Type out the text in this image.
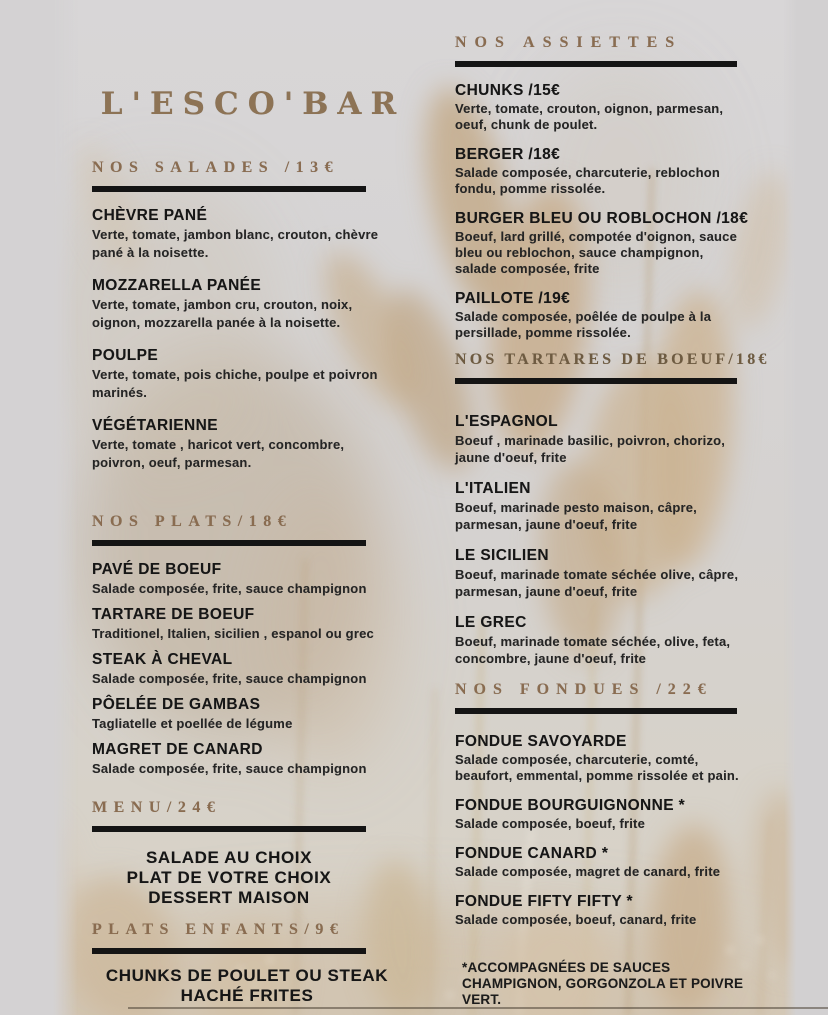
L'ESCO'BAR
NOS SALADES /13€
CHÈVRE PANÉ
Verte, tomate, jambon blanc, crouton, chèvre pané à la noisette.
MOZZARELLA PANÉE
Verte, tomate, jambon cru, crouton, noix, oignon, mozzarella panée à la noisette.
POULPE
Verte, tomate, pois chiche, poulpe et poivron marinés.
VÉGÉTARIENNE
Verte, tomate , haricot vert, concombre, poivron, oeuf, parmesan.
NOS PLATS/18€
PAVÉ DE BOEUF
Salade composée, frite, sauce champignon
TARTARE DE BOEUF
Traditionel, Italien, sicilien , espanol ou grec
STEAK À CHEVAL
Salade composée, frite, sauce champignon
PÔELÉE DE GAMBAS
Tagliatelle et poellée de légume
MAGRET DE CANARD
Salade composée, frite, sauce champignon
MENU/24€
SALADE AU CHOIX
PLAT DE VOTRE CHOIX
DESSERT MAISON
PLATS ENFANTS/9€
CHUNKS DE POULET OU STEAK HACHÉ FRITES
NOS ASSIETTES
CHUNKS /15€
Verte, tomate, crouton, oignon, parmesan, oeuf, chunk de poulet.
BERGER /18€
Salade composée, charcuterie, reblochon fondu, pomme rissolée.
BURGER BLEU OU ROBLOCHON /18€
Boeuf, lard grillé, compotée d'oignon, sauce bleu ou reblochon, sauce champignon, salade composée, frite
PAILLOTE /19€
Salade composée, poêlée de poulpe à la persillade, pomme rissolée.
NOS TARTARES DE BOEUF/18€
L'ESPAGNOL
Boeuf , marinade basilic, poivron, chorizo, jaune d'oeuf, frite
L'ITALIEN
Boeuf, marinade pesto maison, câpre, parmesan, jaune d'oeuf, frite
LE SICILIEN
Boeuf, marinade tomate séchée olive, câpre, parmesan, jaune d'oeuf, frite
LE GREC
Boeuf, marinade tomate séchée, olive, feta, concombre, jaune d'oeuf, frite
NOS FONDUES /22€
FONDUE SAVOYARDE
Salade composée, charcuterie, comté, beaufort, emmental, pomme rissolée et pain.
FONDUE BOURGUIGNONNE *
Salade composée, boeuf, frite
FONDUE CANARD *
Salade composée, magret de canard, frite
FONDUE FIFTY FIFTY *
Salade composée, boeuf, canard, frite
*ACCOMPAGNÉES DE SAUCES CHAMPIGNON, GORGONZOLA ET POIVRE VERT.
